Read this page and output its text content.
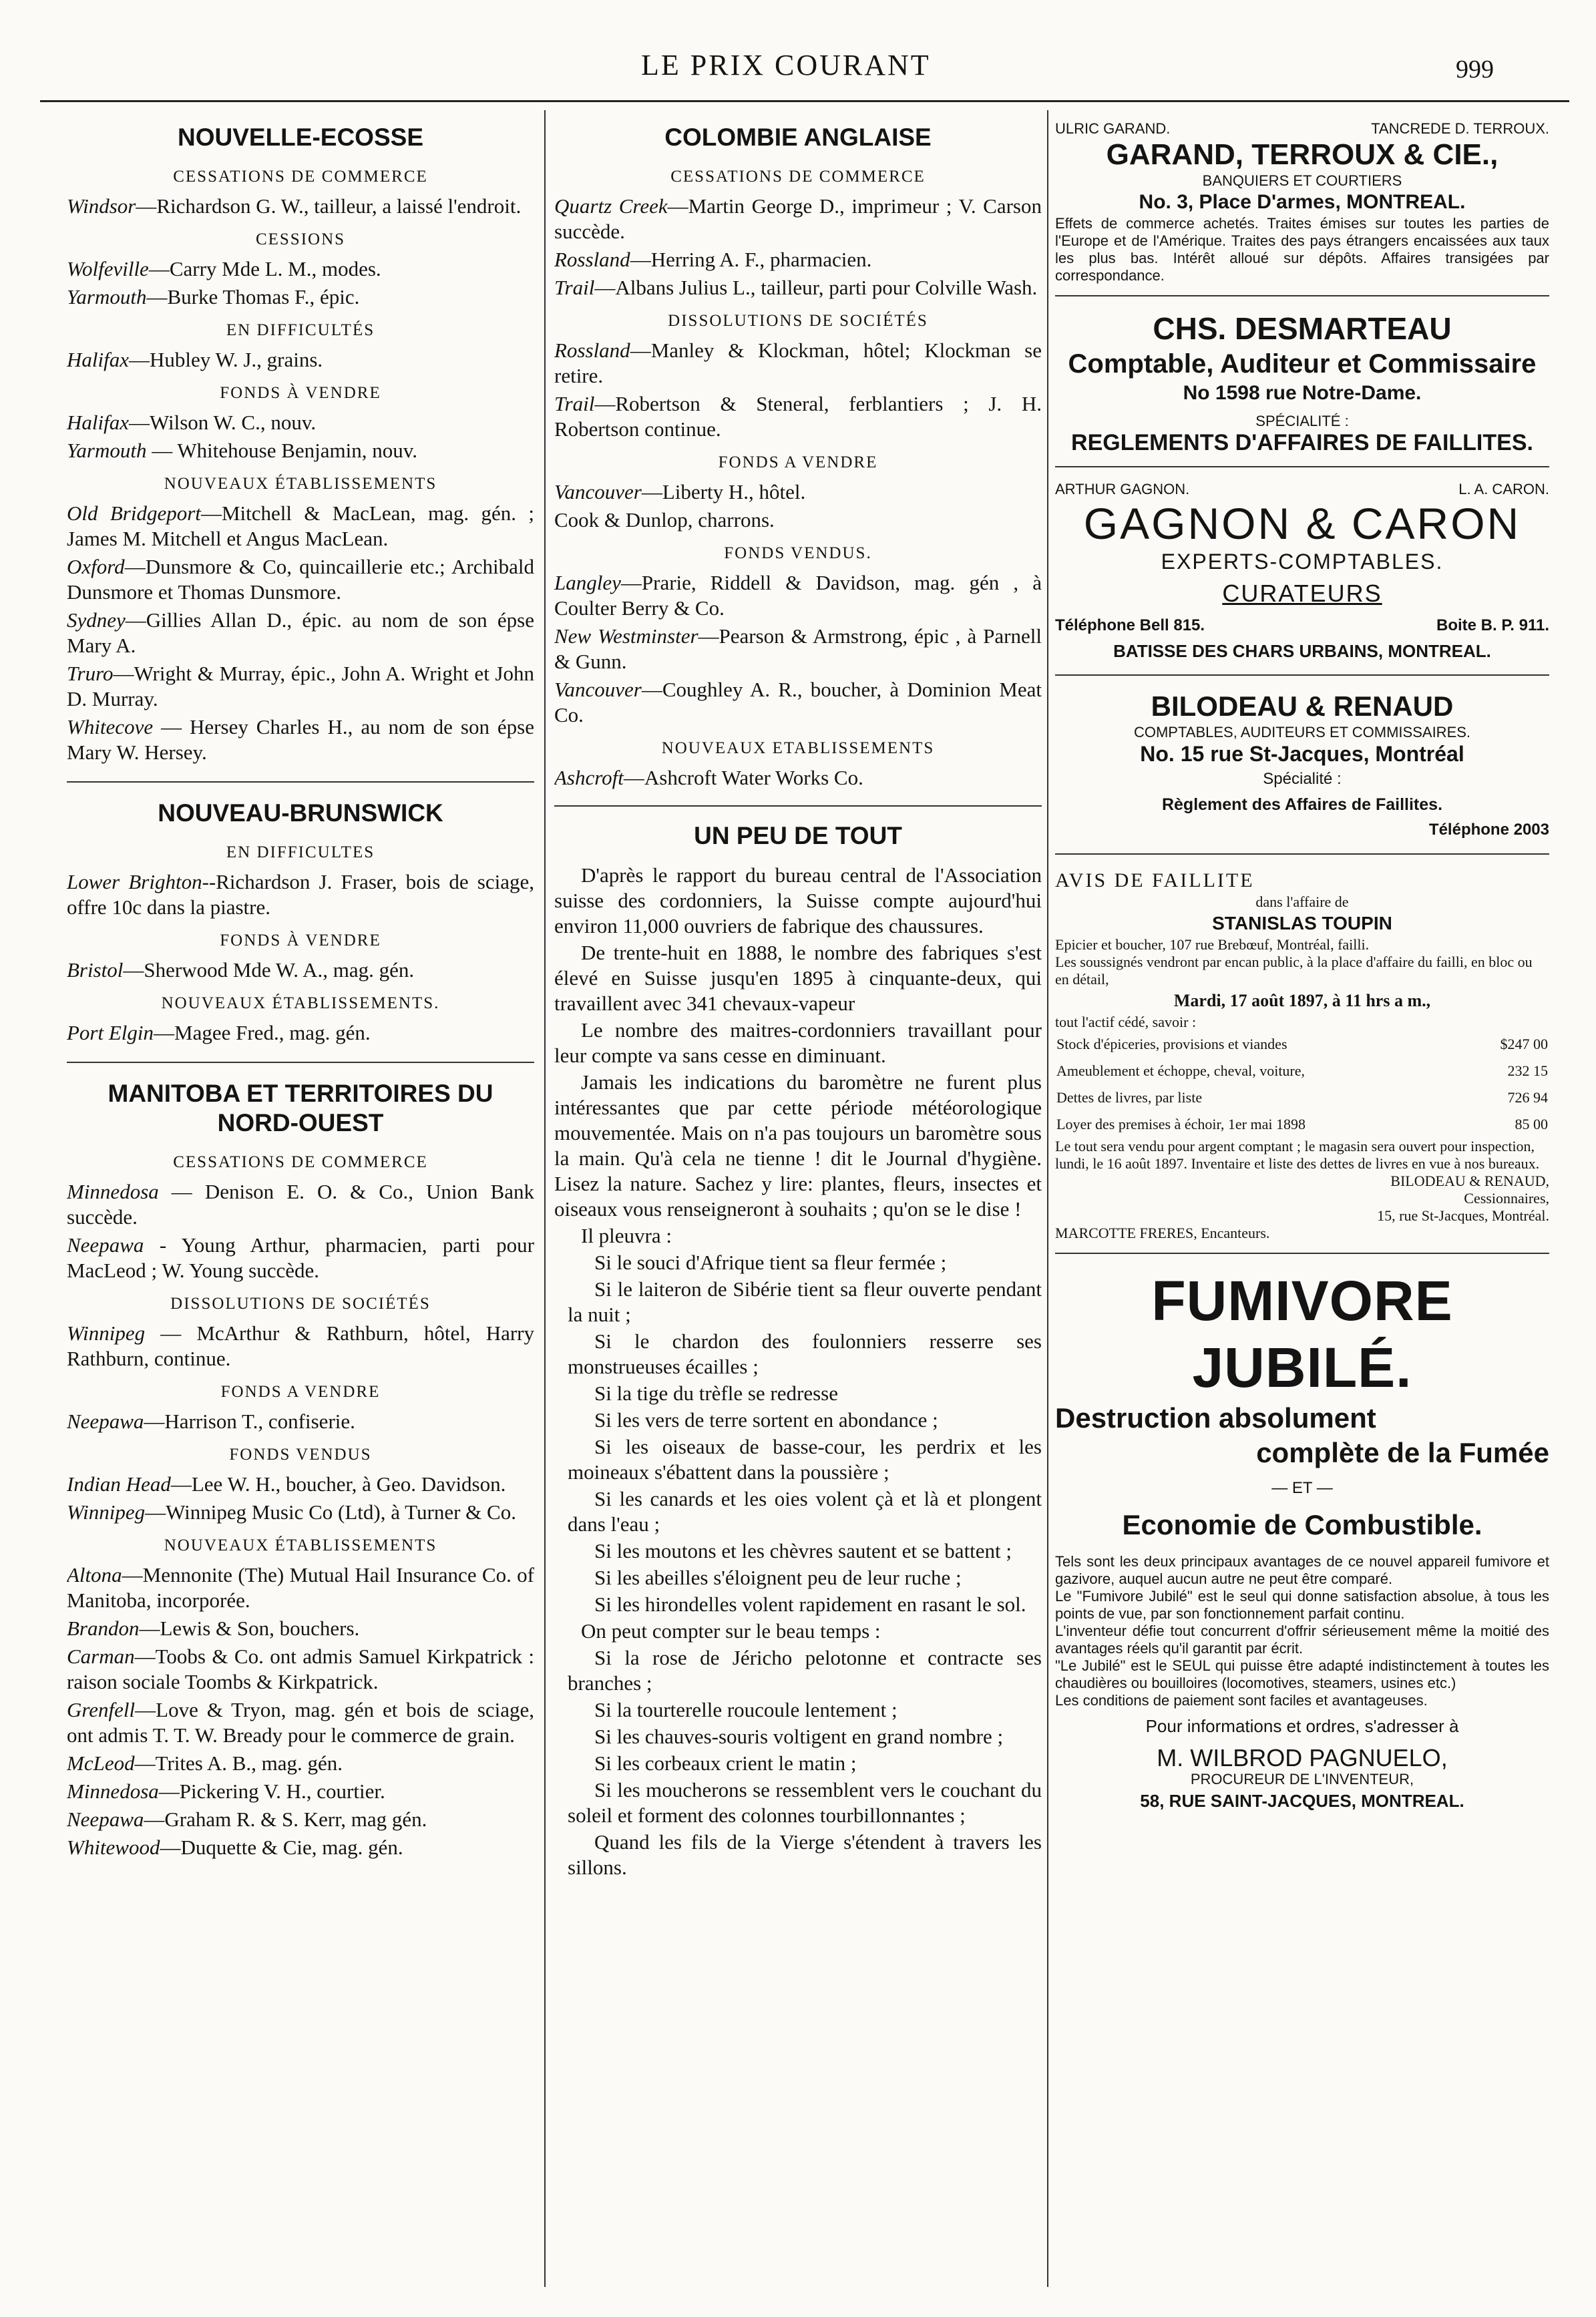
LE PRIX COURANT	999
NOUVELLE-ECOSSE
CESSATIONS DE COMMERCE

Windsor—Richardson G. W., tailleur, a laissé l'endroit.

CESSIONS

Wolfeville—Carry Mde L. M., modes.

Yarmouth—Burke Thomas F., épic.

EN DIFFICULTÉS

Halifax—Hubley W. J., grains.

FONDS À VENDRE

Halifax—Wilson W. C., nouv.

Yarmouth — Whitehouse Benjamin, nouv.

NOUVEAUX ÉTABLISSEMENTS

Old Bridgeport—Mitchell & MacLean, mag. gén. ; James M. Mitchell et Angus MacLean.

Oxford—Dunsmore & Co, quincaillerie etc.; Archibald Dunsmore et Thomas Dunsmore.

Sydney—Gillies Allan D., épic. au nom de son épse Mary A.

Truro—Wright & Murray, épic., John A. Wright et John D. Murray.

Whitecove — Hersey Charles H., au nom de son épse Mary W. Hersey.

NOUVEAU-BRUNSWICK
EN DIFFICULTES

Lower Brighton--Richardson J. Fraser, bois de sciage, offre 10c dans la piastre.

FONDS À VENDRE

Bristol—Sherwood Mde W. A., mag. gén.

NOUVEAUX ÉTABLISSEMENTS.

Port Elgin—Magee Fred., mag. gén.

MANITOBA ET TERRITOIRES DU NORD-OUEST
CESSATIONS DE COMMERCE

Minnedosa — Denison E. O. & Co., Union Bank succède.

Neepawa - Young Arthur, pharmacien, parti pour MacLeod ; W. Young succède.

DISSOLUTIONS DE SOCIÉTÉS

Winnipeg — McArthur & Rathburn, hôtel, Harry Rathburn, continue.

FONDS A VENDRE

Neepawa—Harrison T., confiserie.

FONDS VENDUS

Indian Head—Lee W. H., boucher, à Geo. Davidson.

Winnipeg—Winnipeg Music Co (Ltd), à Turner & Co.

NOUVEAUX ÉTABLISSEMENTS

Altona—Mennonite (The) Mutual Hail Insurance Co. of Manitoba, incorporée.

Brandon—Lewis & Son, bouchers.

Carman—Toobs & Co. ont admis Samuel Kirkpatrick : raison sociale Toombs & Kirkpatrick.

Grenfell—Love & Tryon, mag. gén et bois de sciage, ont admis T. T. W. Bready pour le commerce de grain.

McLeod—Trites A. B., mag. gén.

Minnedosa—Pickering V. H., courtier.

Neepawa—Graham R. & S. Kerr, mag gén.

Whitewood—Duquette & Cie, mag. gén.

COLOMBIE ANGLAISE
CESSATIONS DE COMMERCE

Quartz Creek—Martin George D., imprimeur ; V. Carson succède.

Rossland—Herring A. F., pharmacien.

Trail—Albans Julius L., tailleur, parti pour Colville Wash.

DISSOLUTIONS DE SOCIÉTÉS

Rossland—Manley & Klockman, hôtel; Klockman se retire.

Trail—Robertson & Steneral, ferblantiers ; J. H. Robertson continue.

FONDS A VENDRE

Vancouver—Liberty H., hôtel.

Cook & Dunlop, charrons.

FONDS VENDUS.

Langley—Prarie, Riddell & Davidson, mag. gén , à Coulter Berry & Co.

New Westminster—Pearson & Armstrong, épic , à Parnell & Gunn.

Vancouver—Coughley A. R., boucher, à Dominion Meat Co.

NOUVEAUX ETABLISSEMENTS

Ashcroft—Ashcroft Water Works Co.

UN PEU DE TOUT

D'après le rapport du bureau central de l'Association suisse des cordonniers, la Suisse compte aujourd'hui environ 11,000 ouvriers de fabrique des chaussures.

De trente-huit en 1888, le nombre des fabriques s'est élevé en Suisse jusqu'en 1895 à cinquante-deux, qui travaillent avec 341 chevaux-vapeur

Le nombre des maitres-cordonniers travaillant pour leur compte va sans cesse en diminuant.

Jamais les indications du baromètre ne furent plus intéressantes que par cette période météorologique mouvementée. Mais on n'a pas toujours un baromètre sous la main. Qu'à cela ne tienne ! dit le Journal d'hygiène. Lisez la nature. Sachez y lire: plantes, fleurs, insectes et oiseaux vous renseigneront à souhaits ; qu'on se le dise !

Il pleuvra :

Si le souci d'Afrique tient sa fleur fermée ;

Si le laiteron de Sibérie tient sa fleur ouverte pendant la nuit ;

Si le chardon des foulonniers resserre ses monstrueuses écailles ;

Si la tige du trèfle se redresse

Si les vers de terre sortent en abondance ;

Si les oiseaux de basse-cour, les perdrix et les moineaux s'ébattent dans la poussière ;

Si les canards et les oies volent çà et là et plongent dans l'eau ;

Si les moutons et les chèvres sautent et se battent ;

Si les abeilles s'éloignent peu de leur ruche ;

Si les hirondelles volent rapidement en rasant le sol.

On peut compter sur le beau temps :

Si la rose de Jéricho pelotonne et contracte ses branches ;

Si la tourterelle roucoule lentement ;

Si les chauves-souris voltigent en grand nombre ;

Si les corbeaux crient le matin ;

Si les moucherons se ressemblent vers le couchant du soleil et forment des colonnes tourbillonnantes ;

Quand les fils de la Vierge s'étendent à travers les sillons.

ULRIC GARAND.	TANCREDE D. TERROUX.
GARAND, TERROUX & CIE.,
BANQUIERS ET COURTIERS
No. 3, Place D'armes, MONTREAL.
Effets de commerce achetés. Traites émises sur toutes les parties de l'Europe et de l'Amérique. Traites des pays étrangers encaissées aux taux les plus bas. Intérêt alloué sur dépôts. Affaires transigées par correspondance.
CHS. DESMARTEAU
Comptable, Auditeur et Commissaire
No 1598 rue Notre-Dame.
SPÉCIALITÉ :
REGLEMENTS D'AFFAIRES DE FAILLITES.
ARTHUR GAGNON.	L. A. CARON.
GAGNON & CARON
EXPERTS-COMPTABLES.
CURATEURS
Téléphone Bell 815.	Boite B. P. 911.
BATISSE DES CHARS URBAINS, MONTREAL.
BILODEAU & RENAUD
COMPTABLES, AUDITEURS ET COMMISSAIRES.
No. 15 rue St-Jacques, Montréal
Spécialité :
Règlement des Affaires de Faillites.
Téléphone 2003
AVIS DE FAILLITE
dans l'affaire de
STANISLAS TOUPIN
Epicier et boucher, 107 rue Brebœuf, Montréal, failli.
Les soussignés vendront par encan public, à la place d'affaire du failli, en bloc ou en détail,
Mardi, 17 août 1897, à 11 hrs a m.,
tout l'actif cédé, savoir :
Stock d'épiceries, provisions et viandes	$247 00
Ameublement et échoppe, cheval, voiture,	232 15
Dettes de livres, par liste	726 94
Loyer des premises à échoir, 1er mai 1898	85 00
Le tout sera vendu pour argent comptant ; le magasin sera ouvert pour inspection, lundi, le 16 août 1897. Inventaire et liste des dettes de livres en vue à nos bureaux.
BILODEAU & RENAUD,
Cessionnaires,
15, rue St-Jacques, Montréal.
MARCOTTE FRERES, Encanteurs.
FUMIVORE JUBILÉ.
Destruction absolument
complète de la Fumée
— ET —
Economie de Combustible.
Tels sont les deux principaux avantages de ce nouvel appareil fumivore et gazivore, auquel aucun autre ne peut être comparé.
Le "Fumivore Jubilé" est le seul qui donne satisfaction absolue, à tous les points de vue, par son fonctionnement parfait continu.
L'inventeur défie tout concurrent d'offrir sérieusement même la moitié des avantages réels qu'il garantit par écrit.
"Le Jubilé" est le SEUL qui puisse être adapté indistinctement à toutes les chaudières ou bouilloires (locomotives, steamers, usines etc.)
Les conditions de paiement sont faciles et avantageuses.
Pour informations et ordres, s'adresser à
M. WILBROD PAGNUELO,
PROCUREUR DE L'INVENTEUR,
58, RUE SAINT-JACQUES, MONTREAL.
